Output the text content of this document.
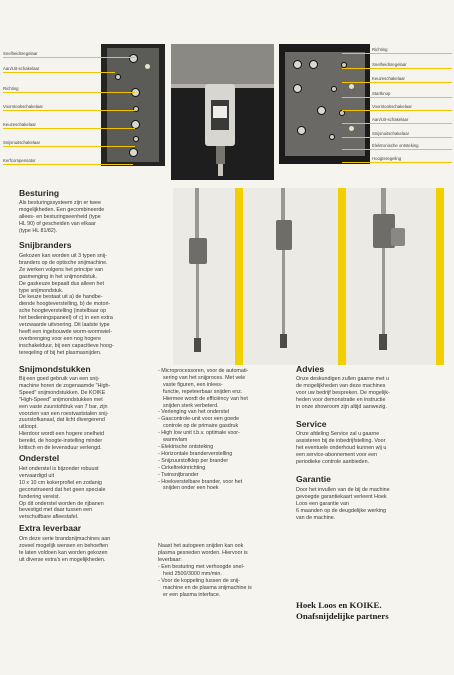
Snelheidsregelaar
Aan/Uit-schakelaar
Richting
Voorstookschakelaar
Keuzeschakelaar
Snijsnuitschakelaar
Kerfcompensator
Richting
Snelheidsregelaar
Keuzeschakelaar
Startknop
Voorstookschakelaar
Aan/Uit-schakelaar
Snijsnuitschakelaar
Elektronische ontsteking
Hoogteregeling
Besturing
Als besturingssysteem zijn er twee
mogelijkheden. Een gecombineerde
allees- en besturingseenheid (type
HL 90) of gescheiden van elkaar
(type HL 81/82).
Snijbranders
Gekozen kan worden uit 3 typen snij-
branders op de optische snijmachine.
Ze werken volgens het principe van
gasmenging in het snijmondstuk.
De gaskeuze bepaalt dus alleen het
type snijmondstuk.
De keuze bestaat uit a) de handbe-
diende hoogteverstelling, b) de motori-
sche hoogteverstelling (instelbaar op
het bedieningspaneel) of c) in een extra
verzwaarde uitvoering. Dit laatste type
heeft een ingebouwde worm-wormwiel-
overbrenging voor een nog hogere
inschakelduur, bij een capacitieve hoog-
tereqeling of bij het plasmasnijden.
Snijmondstukken
Bij een goed gebruik van een snij-
machine horen de zogenaamde "High-
Speed" snijmondstukken. De KOIKE
"High-Speed" snijmondstukken met
een vaste zuurstofdruk van 7 bar, zijn
voorzien van een roestvaststalen snij-
zuurstofkanaal, dat licht divergerend
uitloopt.
Hierdoor wordt een hogere snelheid
bereikt, de hoogte-instelling minder
kritisch en de levensduur verlengd.
Onderstel
Het onderstel is bijzonder robuust
vervaardigd uit
10 x 10 cm kokerprofiel en zodanig
geconstrueerd dat het geen speciale
fundering vereist.
Op dit onderstel worden de rijbanen
bevestigd met daar tussen een
verschuifbare afleestafel.
Extra leverbaar
Om deze serie brandsnijmachines aan
zoveel mogelijk wensen en behoeften
te laten voldoen kan worden gekozen
uit diverse extra's en mogelijkheden.
- Microprocessoren, voor de automati-
sering van het snijproces. Met vele
vaste figuren, een inlees-
functie, repeteerbaar snijden enz.
Hiermee wordt de efficiëncy van het
snijden sterk verbeterd.
- Verlenging van het onderstel
- Gascontrole-unit voor een goede
controle op de primaire gasdruk
- High low unit t.b.v. optimale voor-
warmvlam
- Elektrische ontsteking
- Horizontale branderverstelling
- Snijzuurstofklep per brander
- Cirkeltrekinrichting
- Twinsnijbrander
- Hoekverstelbare brander, voor het
snijden onder een hoek
Naast het autogeen snijden kan ook
plasma gesneden worden. Hiervoor is
leverbaar:
- Een besturing met verhoogde snel-
heid 2500/3000 mm/min.
- Voor de koppeling tussen de snij-
machine en de plasma snijmachine is
er een plasma interface.
Advies
Onze deskundigen zullen gaarne met u
de mogelijkheden van deze machines
voor uw bedrijf bespreken. De mogelijk-
heden voor demonstratie en instructie
in onze showroom zijn altijd aanwezig.
Service
Onze afdeling Service zal u gaarne
assisteren bij de inbedrijfstelling. Voor
het eventuele onderhoud kunnen wij u
een service-abonnement voor een
periodieke controle aanbieden.
Garantie
Door het invullen van de bij de machine
gevoegde garantiekaart verleent Hoek
Loos een garantie van
6 maanden op de deugdelijke werking
van de machine.
Hoek Loos en KOIKE.
Onafsnijdelijke partners
